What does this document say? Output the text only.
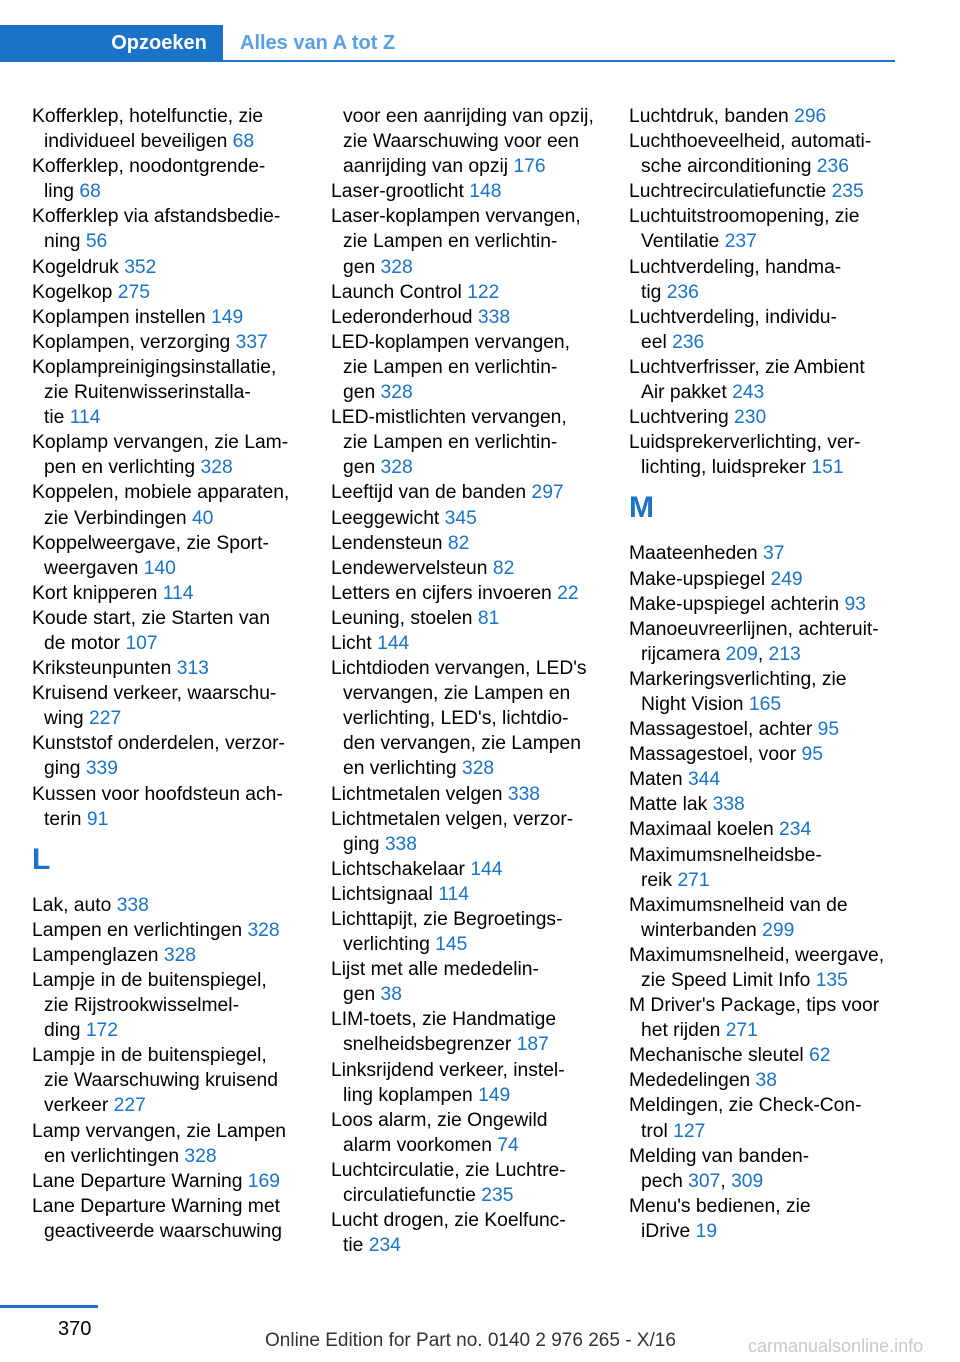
Opzoeken	Alles van A tot Z
Kofferklep, hotelfunctie, zie
individueel beveiligen 68
Kofferklep, noodontgrende-
ling 68
Kofferklep via afstandsbedie-
ning 56
Kogeldruk 352
Kogelkop 275
Koplampen instellen 149
Koplampen, verzorging 337
Koplampreinigingsinstallatie,
zie Ruitenwisserinstalla-
tie 114
Koplamp vervangen, zie Lam-
pen en verlichting 328
Koppelen, mobiele apparaten,
zie Verbindingen 40
Koppelweergave, zie Sport-
weergaven 140
Kort knipperen 114
Koude start, zie Starten van
de motor 107
Kriksteunpunten 313
Kruisend verkeer, waarschu-
wing 227
Kunststof onderdelen, verzor-
ging 339
Kussen voor hoofdsteun ach-
terin 91
L
Lak, auto 338
Lampen en verlichtingen 328
Lampenglazen 328
Lampje in de buitenspiegel,
zie Rijstrookwisselmel-
ding 172
Lampje in de buitenspiegel,
zie Waarschuwing kruisend
verkeer 227
Lamp vervangen, zie Lampen
en verlichtingen 328
Lane Departure Warning 169
Lane Departure Warning met
geactiveerde waarschuwing
voor een aanrijding van opzij,
zie Waarschuwing voor een
aanrijding van opzij 176
Laser-grootlicht 148
Laser-koplampen vervangen,
zie Lampen en verlichtin-
gen 328
Launch Control 122
Lederonderhoud 338
LED-koplampen vervangen,
zie Lampen en verlichtin-
gen 328
LED-mistlichten vervangen,
zie Lampen en verlichtin-
gen 328
Leeftijd van de banden 297
Leeggewicht 345
Lendensteun 82
Lendewervelsteun 82
Letters en cijfers invoeren 22
Leuning, stoelen 81
Licht 144
Lichtdioden vervangen, LED's
vervangen, zie Lampen en
verlichting, LED's, lichtdio-
den vervangen, zie Lampen
en verlichting 328
Lichtmetalen velgen 338
Lichtmetalen velgen, verzor-
ging 338
Lichtschakelaar 144
Lichtsignaal 114
Lichttapijt, zie Begroetings-
verlichting 145
Lijst met alle mededelin-
gen 38
LIM-toets, zie Handmatige
snelheidsbegrenzer 187
Linksrijdend verkeer, instel-
ling koplampen 149
Loos alarm, zie Ongewild
alarm voorkomen 74
Luchtcirculatie, zie Luchtre-
circulatiefunctie 235
Lucht drogen, zie Koelfunc-
tie 234
Luchtdruk, banden 296
Luchthoeveelheid, automati-
sche airconditioning 236
Luchtrecirculatiefunctie 235
Luchtuitstroomopening, zie
Ventilatie 237
Luchtverdeling, handma-
tig 236
Luchtverdeling, individu-
eel 236
Luchtverfrisser, zie Ambient
Air pakket 243
Luchtvering 230
Luidsprekerverlichting, ver-
lichting, luidspreker 151
M
Maateenheden 37
Make-upspiegel 249
Make-upspiegel achterin 93
Manoeuvreerlijnen, achteruit-
rijcamera 209, 213
Markeringsverlichting, zie
Night Vision 165
Massagestoel, achter 95
Massagestoel, voor 95
Maten 344
Matte lak 338
Maximaal koelen 234
Maximumsnelheidsbe-
reik 271
Maximumsnelheid van de
winterbanden 299
Maximumsnelheid, weergave,
zie Speed Limit Info 135
M Driver's Package, tips voor
het rijden 271
Mechanische sleutel 62
Mededelingen 38
Meldingen, zie Check-Con-
trol 127
Melding van banden-
pech 307, 309
Menu's bedienen, zie
iDrive 19
370
Online Edition for Part no. 0140 2 976 265 - X/16	carmanualsonline.info
